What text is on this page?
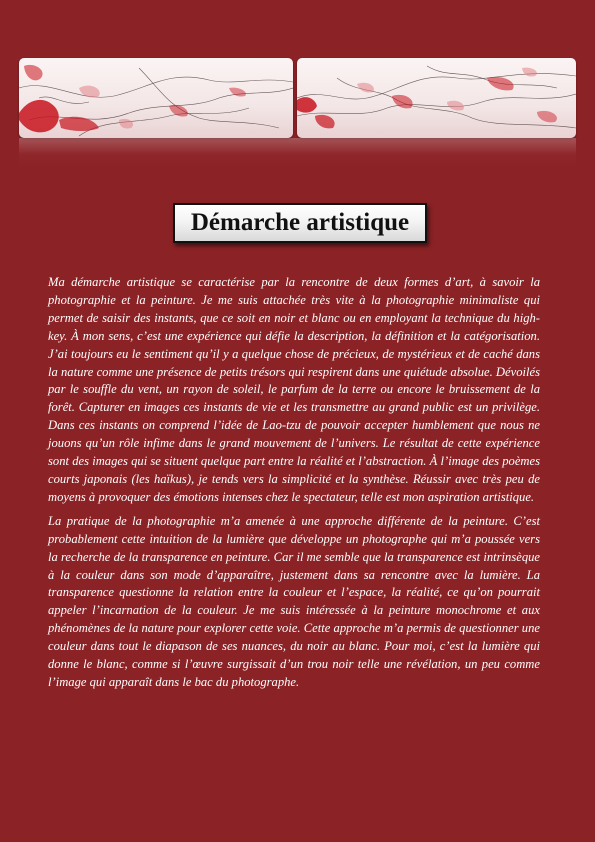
Démarche artistique

Ma démarche artistique se caractérise par la rencontre de deux formes d’art, à savoir la photographie et la peinture. Je me suis attachée très vite à la photographie minimaliste qui permet de saisir des instants, que ce soit en noir et blanc ou en employant la technique du high-key. À mon sens, c’est une expérience qui défie la description, la définition et la catégorisation. J’ai toujours eu le sentiment qu’il y a quelque chose de précieux, de mystérieux et de caché dans la nature comme une présence de petits trésors qui respirent dans une quiétude absolue. Dévoilés par le souffle du vent, un rayon de soleil, le parfum de la terre ou encore le bruissement de la forêt. Capturer en images ces instants de vie et les transmettre au grand public est un privilège. Dans ces instants on comprend l’idée de Lao-tzu de pouvoir accepter humblement que nous ne jouons qu’un rôle infime dans le grand mouvement de l’univers. Le résultat de cette expérience sont des images qui se situent quelque part entre la réalité et l’abstraction. À l’image des poèmes courts japonais (les haïkus), je tends vers la simplicité et la synthèse. Réussir avec très peu de moyens à provoquer des émotions intenses chez le spectateur, telle est mon aspiration artistique.

La pratique de la photographie m’a amenée à une approche différente de la peinture. C’est probablement cette intuition de la lumière que développe un photographe qui m’a poussée vers la recherche de la transparence en peinture. Car il me semble que la transparence est intrinsèque à la couleur dans son mode d’apparaître, justement dans sa rencontre avec la lumière. La transparence questionne la relation entre la couleur et l’espace, la réalité, ce qu’on pourrait appeler l’incarnation de la couleur. Je me suis intéressée à la peinture monochrome et aux phénomènes de la nature pour explorer cette voie. Cette approche m’a permis de questionner une couleur dans tout le diapason de ses nuances, du noir au blanc. Pour moi, c’est la lumière qui donne le blanc, comme si l’œuvre surgissait d’un trou noir telle une révélation, un peu comme l’image qui apparaît dans le bac du photographe.
